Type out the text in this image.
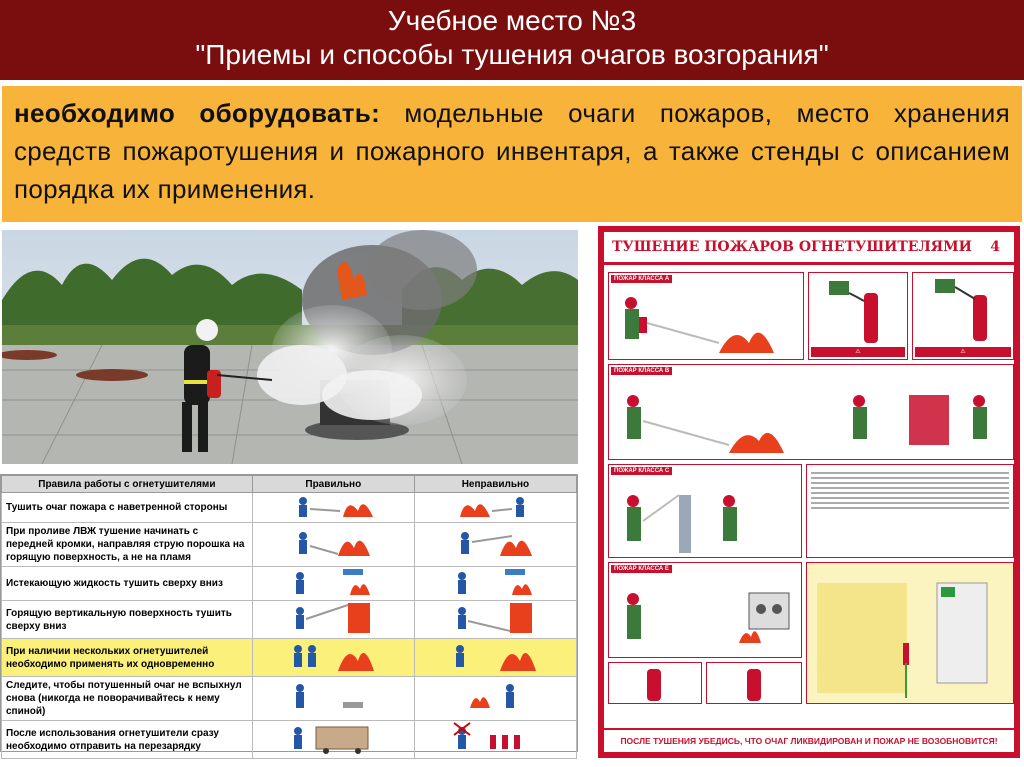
Учебное место №3
"Приемы и способы тушения очагов возгорания"
необходимо оборудовать: модельные очаги пожаров, место хранения средств пожаротушения и пожарного инвентаря, а также стенды с описанием порядка их применения.
Правила работы с огнетушителями	Правильно	Неправильно
Тушить очаг пожара с наветренной стороны		
При проливе ЛВЖ тушение начинать с передней кромки, направляя струю порошка на горящую поверхность, а не на пламя		
Истекающую жидкость тушить сверху вниз		
Горящую вертикальную поверхность тушить сверху вниз		
При наличии нескольких огнетушителей необходимо применять их одновременно		
Следите, чтобы потушенный очаг не вспыхнул снова (никогда не поворачивайтесь к нему спиной)		
После использования огнетушители сразу необходимо отправить на перезарядку		
ТУШЕНИЕ ПОЖАРОВ ОГНЕТУШИТЕЛЯМИ 4
ПОЖАР КЛАССА А
⚠	⚠
ПОЖАР КЛАССА B
ПОЖАР КЛАССА C
ПОЖАР КЛАССА E
ПОСЛЕ ТУШЕНИЯ УБЕДИСЬ, ЧТО ОЧАГ ЛИКВИДИРОВАН И ПОЖАР НЕ ВОЗОБНОВИТСЯ!
